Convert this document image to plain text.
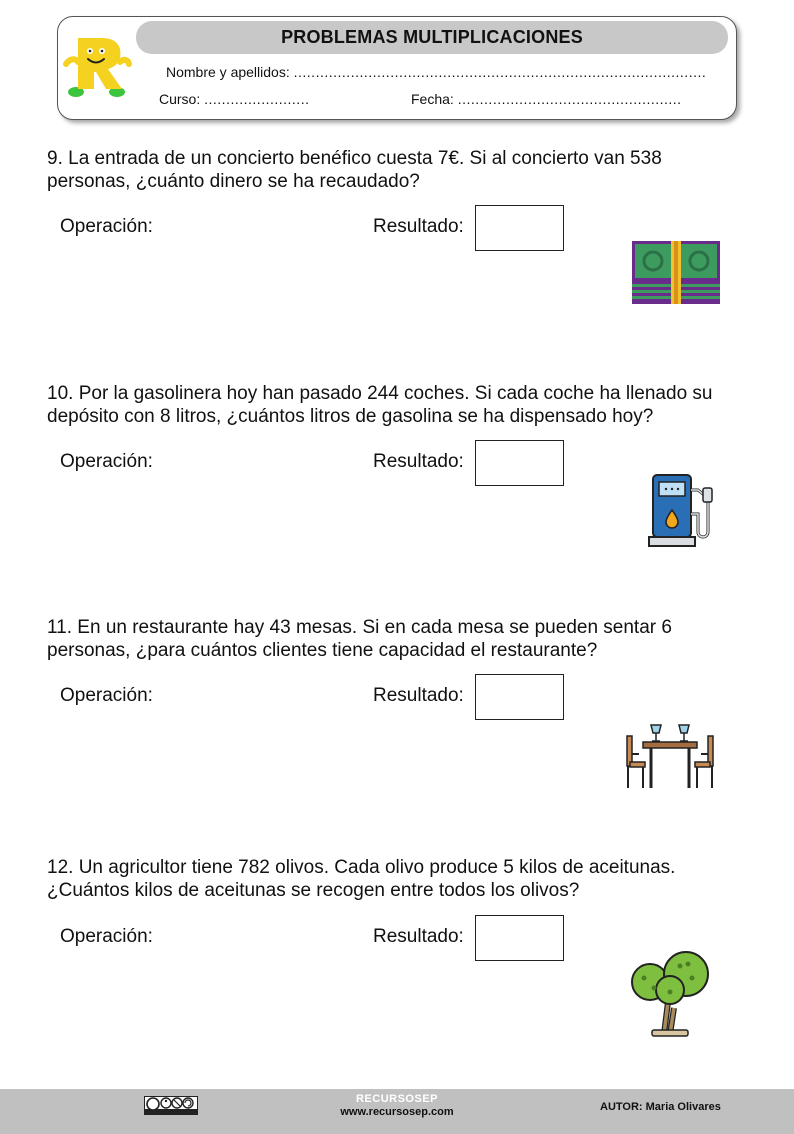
PROBLEMAS MULTIPLICACIONES
Nombre y apellidos: ..............................................................................................
Curso: ........................	Fecha: ...................................................
9. La entrada de un concierto benéfico cuesta 7€. Si al concierto van 538 personas, ¿cuánto dinero se ha recaudado?
Operación:	Resultado:
10. Por la gasolinera hoy han pasado 244 coches. Si cada coche ha llenado su depósito con 8 litros, ¿cuántos litros de gasolina se ha dispensado hoy?
Operación:	Resultado:
11. En un restaurante hay 43 mesas. Si en cada mesa se pueden sentar 6 personas, ¿para cuántos clientes tiene capacidad el restaurante?
Operación:	Resultado:
12. Un agricultor tiene 782 olivos. Cada olivo produce 5 kilos de aceitunas. ¿Cuántos kilos de aceitunas se recogen entre todos los olivos?
Operación:	Resultado:
RECURSOSEP
www.recursosep.com	AUTOR: Maria Olivares
